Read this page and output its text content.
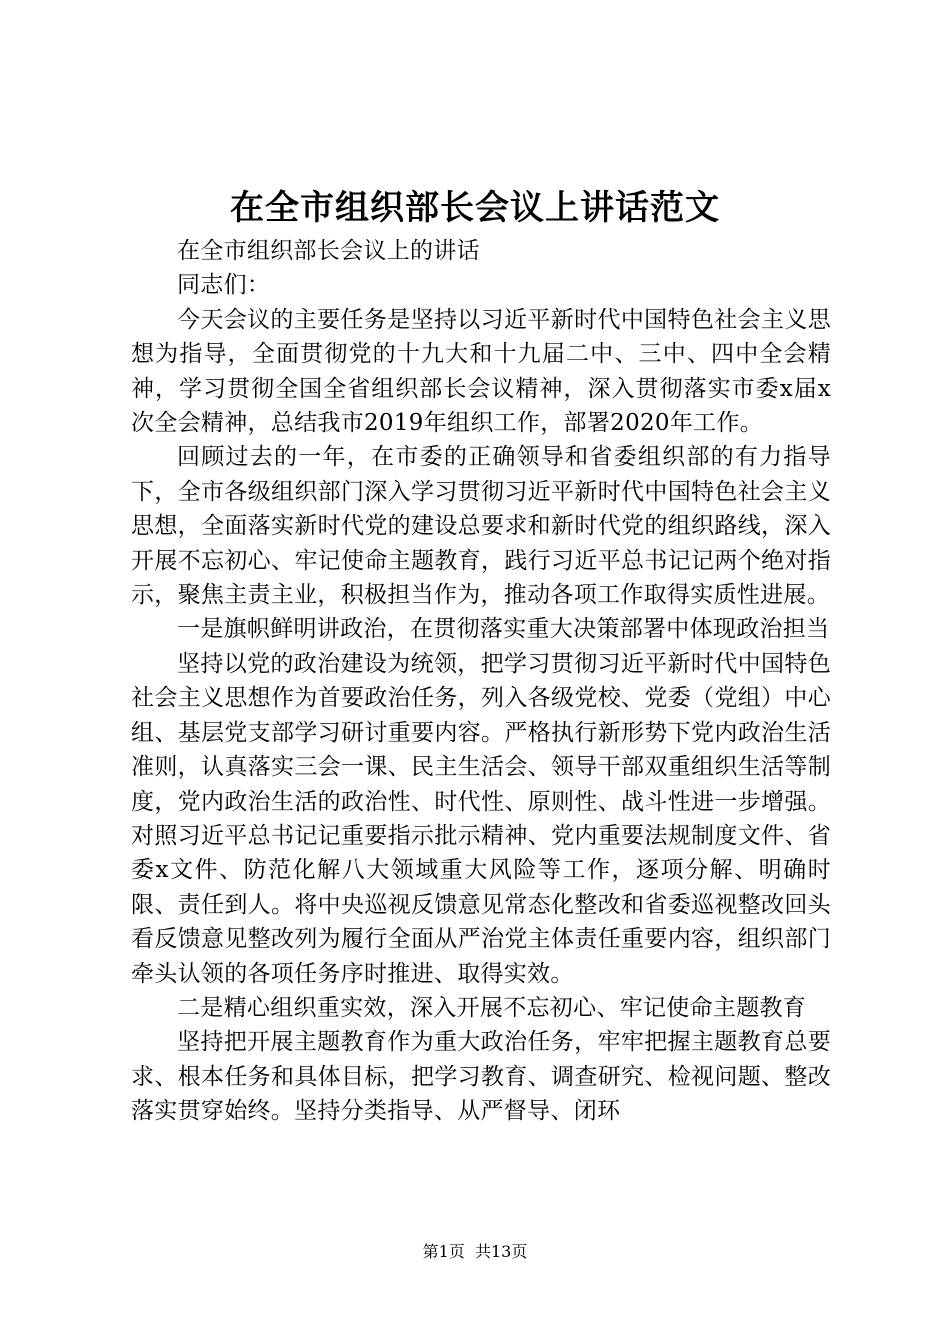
在全市组织部长会议上讲话范文

在全市组织部长会议上的讲话

同志们：

今天会议的主要任务是坚持以习近平新时代中国特色社会主义思想为指导，全面贯彻党的十九大和十九届二中、三中、四中全会精神，学习贯彻全国全省组织部长会议精神，深入贯彻落实市委x届x次全会精神，总结我市2019年组织工作，部署2020年工作。

回顾过去的一年，在市委的正确领导和省委组织部的有力指导下，全市各级组织部门深入学习贯彻习近平新时代中国特色社会主义思想，全面落实新时代党的建设总要求和新时代党的组织路线，深入开展不忘初心、牢记使命主题教育，践行习近平总书记记两个绝对指示，聚焦主责主业，积极担当作为，推动各项工作取得实质性进展。

一是旗帜鲜明讲政治，在贯彻落实重大决策部署中体现政治担当

坚持以党的政治建设为统领，把学习贯彻习近平新时代中国特色社会主义思想作为首要政治任务，列入各级党校、党委（党组）中心组、基层党支部学习研讨重要内容。严格执行新形势下党内政治生活准则，认真落实三会一课、民主生活会、领导干部双重组织生活等制度，党内政治生活的政治性、时代性、原则性、战斗性进一步增强。对照习近平总书记记重要指示批示精神、党内重要法规制度文件、省委x文件、防范化解八大领域重大风险等工作，逐项分解、明确时限、责任到人。将中央巡视反馈意见常态化整改和省委巡视整改回头看反馈意见整改列为履行全面从严治党主体责任重要内容，组织部门牵头认领的各项任务序时推进、取得实效。

二是精心组织重实效，深入开展不忘初心、牢记使命主题教育

坚持把开展主题教育作为重大政治任务，牢牢把握主题教育总要求、根本任务和具体目标，把学习教育、调查研究、检视问题、整改落实贯穿始终。坚持分类指导、从严督导、闭环

第1页  共13页
